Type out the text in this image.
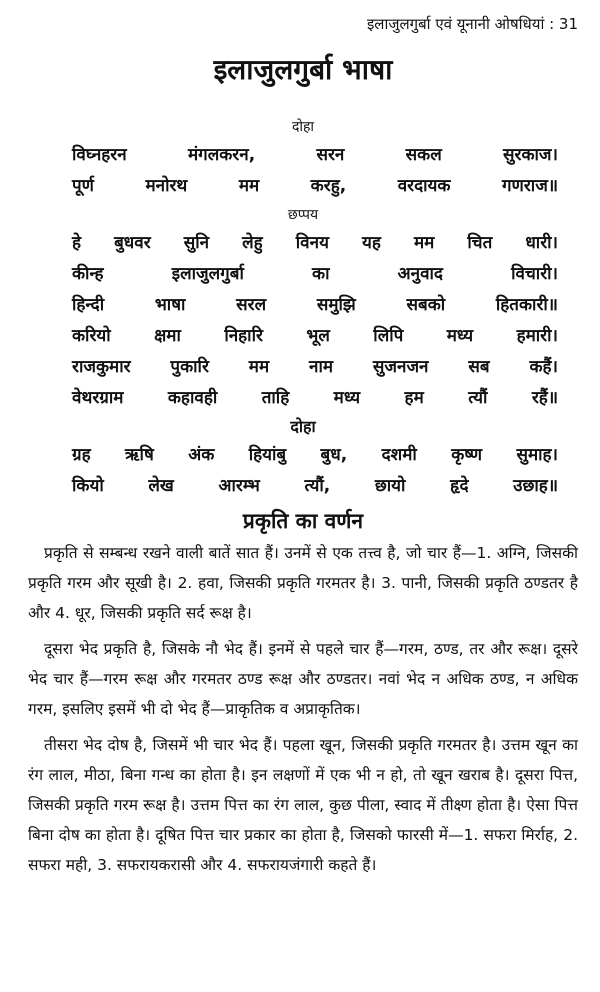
इलाजुलगुर्बा एवं यूनानी ओषधियां : 31
इलाजुलगुर्बा भाषा
दोहा
विघ्नहरन मंगलकरन, सरन सकल सुरकाज।
पूर्ण मनोरथ मम करहु, वरदायक गणराज॥
छप्पय
हे बुधवर सुनि लेहु विनय यह मम चित धारी।
कीन्ह इलाजुलगुर्बा का अनुवाद विचारी।
हिन्दी भाषा सरल समुझि सबको हितकारी॥
करियो क्षमा निहारि भूल लिपि मध्य हमारी।
राजकुमार पुकारि मम नाम सुजनजन सब कहैं।
वेथरग्राम कहावही ताहि मध्य हम त्यौं रहैं॥
दोहा
ग्रह ऋषि अंक हियांबु बुध, दशमी कृष्ण सुमाह।
कियो लेख आरम्भ त्यौं, छायो हृदे उछाह॥
प्रकृति का वर्णन

प्रकृति से सम्बन्ध रखने वाली बातें सात हैं। उनमें से एक तत्त्व है, जो चार हैं—1. अग्नि, जिसकी प्रकृति गरम और सूखी है। 2. हवा, जिसकी प्रकृति गरमतर है। 3. पानी, जिसकी प्रकृति ठण्डतर है और 4. धूर, जिसकी प्रकृति सर्द रूक्ष है।

दूसरा भेद प्रकृति है, जिसके नौ भेद हैं। इनमें से पहले चार हैं—गरम, ठण्ड, तर और रूक्ष। दूसरे भेद चार हैं—गरम रूक्ष और गरमतर ठण्ड रूक्ष और ठण्डतर। नवां भेद न अधिक ठण्ड, न अधिक गरम, इसलिए इसमें भी दो भेद हैं—प्राकृतिक व अप्राकृतिक।

तीसरा भेद दोष है, जिसमें भी चार भेद हैं। पहला खून, जिसकी प्रकृति गरमतर है। उत्तम खून का रंग लाल, मीठा, बिना गन्ध का होता है। इन लक्षणों में एक भी न हो, तो खून खराब है। दूसरा पित्त, जिसकी प्रकृति गरम रूक्ष है। उत्तम पित्त का रंग लाल, कुछ पीला, स्वाद में तीक्ष्ण होता है। ऐसा पित्त बिना दोष का होता है। दूषित पित्त चार प्रकार का होता है, जिसको फारसी में—1. सफरा मिर्राह, 2. सफरा मही, 3. सफरायकरासी और 4. सफरायजंगारी कहते हैं।
